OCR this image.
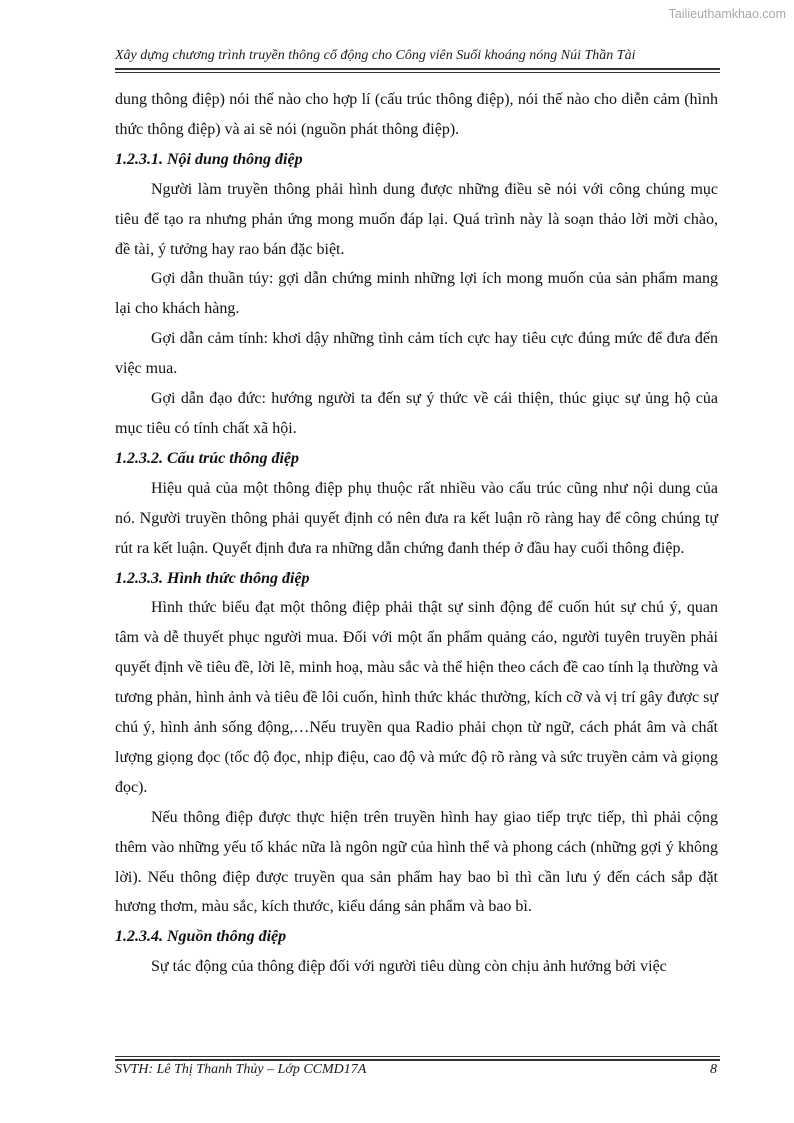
Tailieuthamkhao.com
Xây dựng chương trình truyền thông cổ động cho Công viên Suối khoáng nóng Núi Thần Tài

dung thông điệp) nói thế nào cho hợp lí (cấu trúc thông điệp), nói thế nào cho diễn cảm (hình thức thông điệp) và ai sẽ nói (nguồn phát thông điệp).

1.2.3.1. Nội dung thông điệp

Người làm truyền thông phải hình dung được những điều sẽ nói với công chúng mục tiêu để tạo ra nhưng phản ứng mong muốn đáp lại. Quá trình này là soạn thảo lời mời chào, đề tài, ý tưởng hay rao bán đặc biệt.

Gợi dẫn thuần túy: gợi dẫn chứng minh những lợi ích mong muốn của sản phẩm mang lại cho khách hàng.

Gợi dẫn cảm tính: khơi dậy những tình cảm tích cực hay tiêu cực đúng mức để đưa đến việc mua.

Gợi dẫn đạo đức: hướng người ta đến sự ý thức về cái thiện, thúc giục sự ủng hộ của mục tiêu có tính chất xã hội.

1.2.3.2. Cấu trúc thông điệp

Hiệu quả của một thông điệp phụ thuộc rất nhiều vào cấu trúc cũng như nội dung của nó. Người truyền thông phải quyết định có nên đưa ra kết luận rõ ràng hay để công chúng tự rút ra kết luận. Quyết định đưa ra những dẫn chứng đanh thép ở đầu hay cuối thông điệp.

1.2.3.3. Hình thức thông điệp

Hình thức biểu đạt một thông điệp phải thật sự sinh động để cuốn hút sự chú ý, quan tâm và dễ thuyết phục người mua. Đối với một ấn phẩm quảng cáo, người tuyên truyền phải quyết định về tiêu đề, lời lẽ, minh hoạ, màu sắc và thể hiện theo cách đề cao tính lạ thường và tương phản, hình ảnh và tiêu đề lôi cuốn, hình thức khác thường, kích cỡ và vị trí gây được sự chú ý, hình ảnh sống động,…Nếu truyền qua Radio phải chọn từ ngữ, cách phát âm và chất lượng giọng đọc (tốc độ đọc, nhịp điệu, cao độ và mức độ rõ ràng và sức truyền cảm và giọng đọc).

Nếu thông điệp được thực hiện trên truyền hình hay giao tiếp trực tiếp, thì phải cộng thêm vào những yếu tố khác nữa là ngôn ngữ của hình thể và phong cách (những gợi ý không lời). Nếu thông điệp được truyền qua sản phẩm hay bao bì thì cần lưu ý đến cách sắp đặt hương thơm, màu sắc, kích thước, kiểu dáng sản phẩm và bao bì.

1.2.3.4. Nguồn thông điệp

Sự tác động của thông điệp đối với người tiêu dùng còn chịu ảnh hưởng bởi việc

SVTH: Lê Thị Thanh Thủy – Lớp CCMD17A	8
